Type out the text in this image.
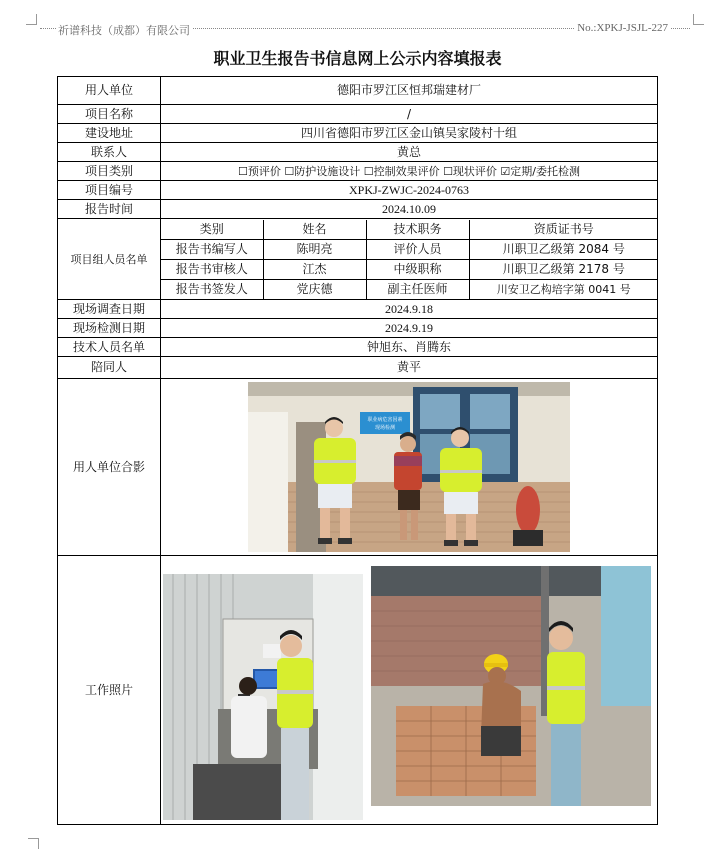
祈谱科技（成都）有限公司	No.:XPKJ-JSJL-227
职业卫生报告书信息网上公示内容填报表
用人单位	德阳市罗江区恒邦瑞建材厂
项目名称	/
建设地址	四川省德阳市罗江区金山镇吴家陵村十组
联系人	黄总
项目类别	☐预评价 ☐防护设施设计 ☐控制效果评价 ☐现状评价 ☑定期/委托检测
项目编号	XPKJ-ZWJC-2024-0763
报告时间	2024.10.09
项目组人员名单	
类别	姓名	技术职务	资质证书号
报告书编写人	陈明亮	评价人员	川职卫乙级第 2084 号
报告书审核人	江杰	中级职称	川职卫乙级第 2178 号
报告书签发人	党庆德	副主任医师	川安卫乙构培字第 0041 号

现场调查日期	2024.9.18
现场检测日期	2024.9.19
技术人员名单	钟旭东、肖腾东
陪同人	黄平
用人单位合影	
职业病危害因素
现场检测

工作照片	
